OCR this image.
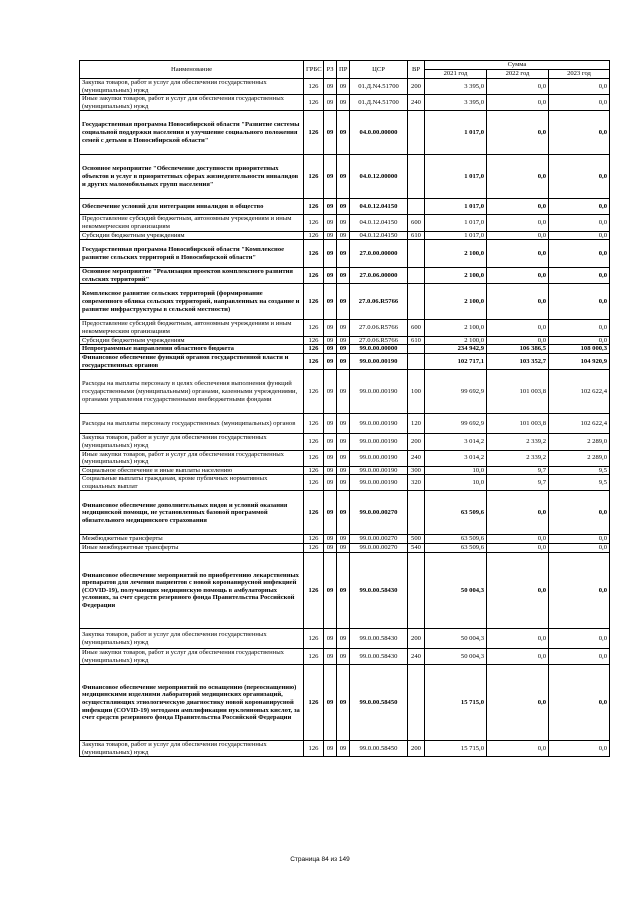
Наименование	ГРБС	РЗ	ПР	ЦСР	ВР	Сумма		
						2021 год	2022 год	2023 год
Закупка товаров, работ и услуг для обеспечения государственных (муниципальных) нужд	126	09	09	01.Д.N4.51700	200	3 395,0	0,0	0,0
Иные закупки товаров, работ и услуг для обеспечения государственных (муниципальных) нужд	126	09	09	01.Д.N4.51700	240	3 395,0	0,0	0,0
Государственная программа Новосибирской области "Развитие системы социальной поддержки населения и улучшение социального положения семей с детьми в Новосибирской области"	126	09	09	04.0.00.00000		1 017,0	0,0	0,0
Основное мероприятие "Обеспечение доступности приоритетных объектов и услуг в приоритетных сферах жизнедеятельности инвалидов и других маломобильных групп населения"	126	09	09	04.0.12.00000		1 017,0	0,0	0,0
Обеспечение условий для интеграции инвалидов в общество	126	09	09	04.0.12.04150		1 017,0	0,0	0,0
Предоставление субсидий бюджетным, автономным учреждениям и иным некоммерческим организациям	126	09	09	04.0.12.04150	600	1 017,0	0,0	0,0
Субсидии бюджетным учреждениям	126	09	09	04.0.12.04150	610	1 017,0	0,0	0,0
Государственная программа Новосибирской области "Комплексное развитие сельских территорий в Новосибирской области"	126	09	09	27.0.00.00000		2 100,0	0,0	0,0
Основное мероприятие "Реализация проектов комплексного развития сельских территорий"	126	09	09	27.0.06.00000		2 100,0	0,0	0,0
Комплексное развитие сельских территорий (формирование современного облика сельских территорий, направленных на создание и развитие инфраструктуры в сельской местности)	126	09	09	27.0.06.R5766		2 100,0	0,0	0,0
Предоставление субсидий бюджетным, автономным учреждениям и иным некоммерческим организациям	126	09	09	27.0.06.R5766	600	2 100,0	0,0	0,0
Субсидии бюджетным учреждениям	126	09	09	27.0.06.R5766	610	2 100,0	0,0	0,0
Непрограммные направления областного бюджета	126	09	09	99.0.00.00000		234 942,9	106 386,5	108 000,3
Финансовое обеспечение функций органов государственной власти и государственных органов	126	09	09	99.0.00.00190		102 717,1	103 352,7	104 920,9
Расходы на выплаты персоналу в целях обеспечения выполнения функций государственными (муниципальными) органами, казенными учреждениями, органами управления государственными внебюджетными фондами	126	09	09	99.0.00.00190	100	99 692,9	101 003,8	102 622,4
Расходы на выплаты персоналу государственных (муниципальных) органов	126	09	09	99.0.00.00190	120	99 692,9	101 003,8	102 622,4
Закупка товаров, работ и услуг для обеспечения государственных (муниципальных) нужд	126	09	09	99.0.00.00190	200	3 014,2	2 339,2	2 289,0
Иные закупки товаров, работ и услуг для обеспечения государственных (муниципальных) нужд	126	09	09	99.0.00.00190	240	3 014,2	2 339,2	2 289,0
Социальное обеспечение и иные выплаты населению	126	09	09	99.0.00.00190	300	10,0	9,7	9,5
Социальные выплаты гражданам, кроме публичных нормативных социальных выплат	126	09	09	99.0.00.00190	320	10,0	9,7	9,5
Финансовое обеспечение дополнительных видов и условий оказания медицинской помощи, не установленных базовой программой обязательного медицинского страхования	126	09	09	99.0.00.00270		63 509,6	0,0	0,0
Межбюджетные трансферты	126	09	09	99.0.00.00270	500	63 509,6	0,0	0,0
Иные межбюджетные трансферты	126	09	09	99.0.00.00270	540	63 509,6	0,0	0,0
Финансовое обеспечение мероприятий по приобретению лекарственных препаратов для лечения пациентов с новой коронавирусной инфекцией (COVID-19), получающих медицинскую помощь в амбулаторных условиях, за счет средств резервного фонда Правительства Российской Федерации	126	09	09	99.0.00.58430		50 004,3	0,0	0,0
Закупка товаров, работ и услуг для обеспечения государственных (муниципальных) нужд	126	09	09	99.0.00.58430	200	50 004,3	0,0	0,0
Иные закупки товаров, работ и услуг для обеспечения государственных (муниципальных) нужд	126	09	09	99.0.00.58430	240	50 004,3	0,0	0,0
Финансовое обеспечение мероприятий по оснащению (переоснащению) медицинскими изделиями лабораторий медицинских организаций, осуществляющих этиологическую диагностику новой коронавирусной инфекции (COVID-19) методами амплификации нуклеиновых кислот, за счет средств резервного фонда Правительства Российской Федерации	126	09	09	99.0.00.58450		15 715,0	0,0	0,0
Закупка товаров, работ и услуг для обеспечения государственных (муниципальных) нужд	126	09	09	99.0.00.58450	200	15 715,0	0,0	0,0
Страница 84 из 149
